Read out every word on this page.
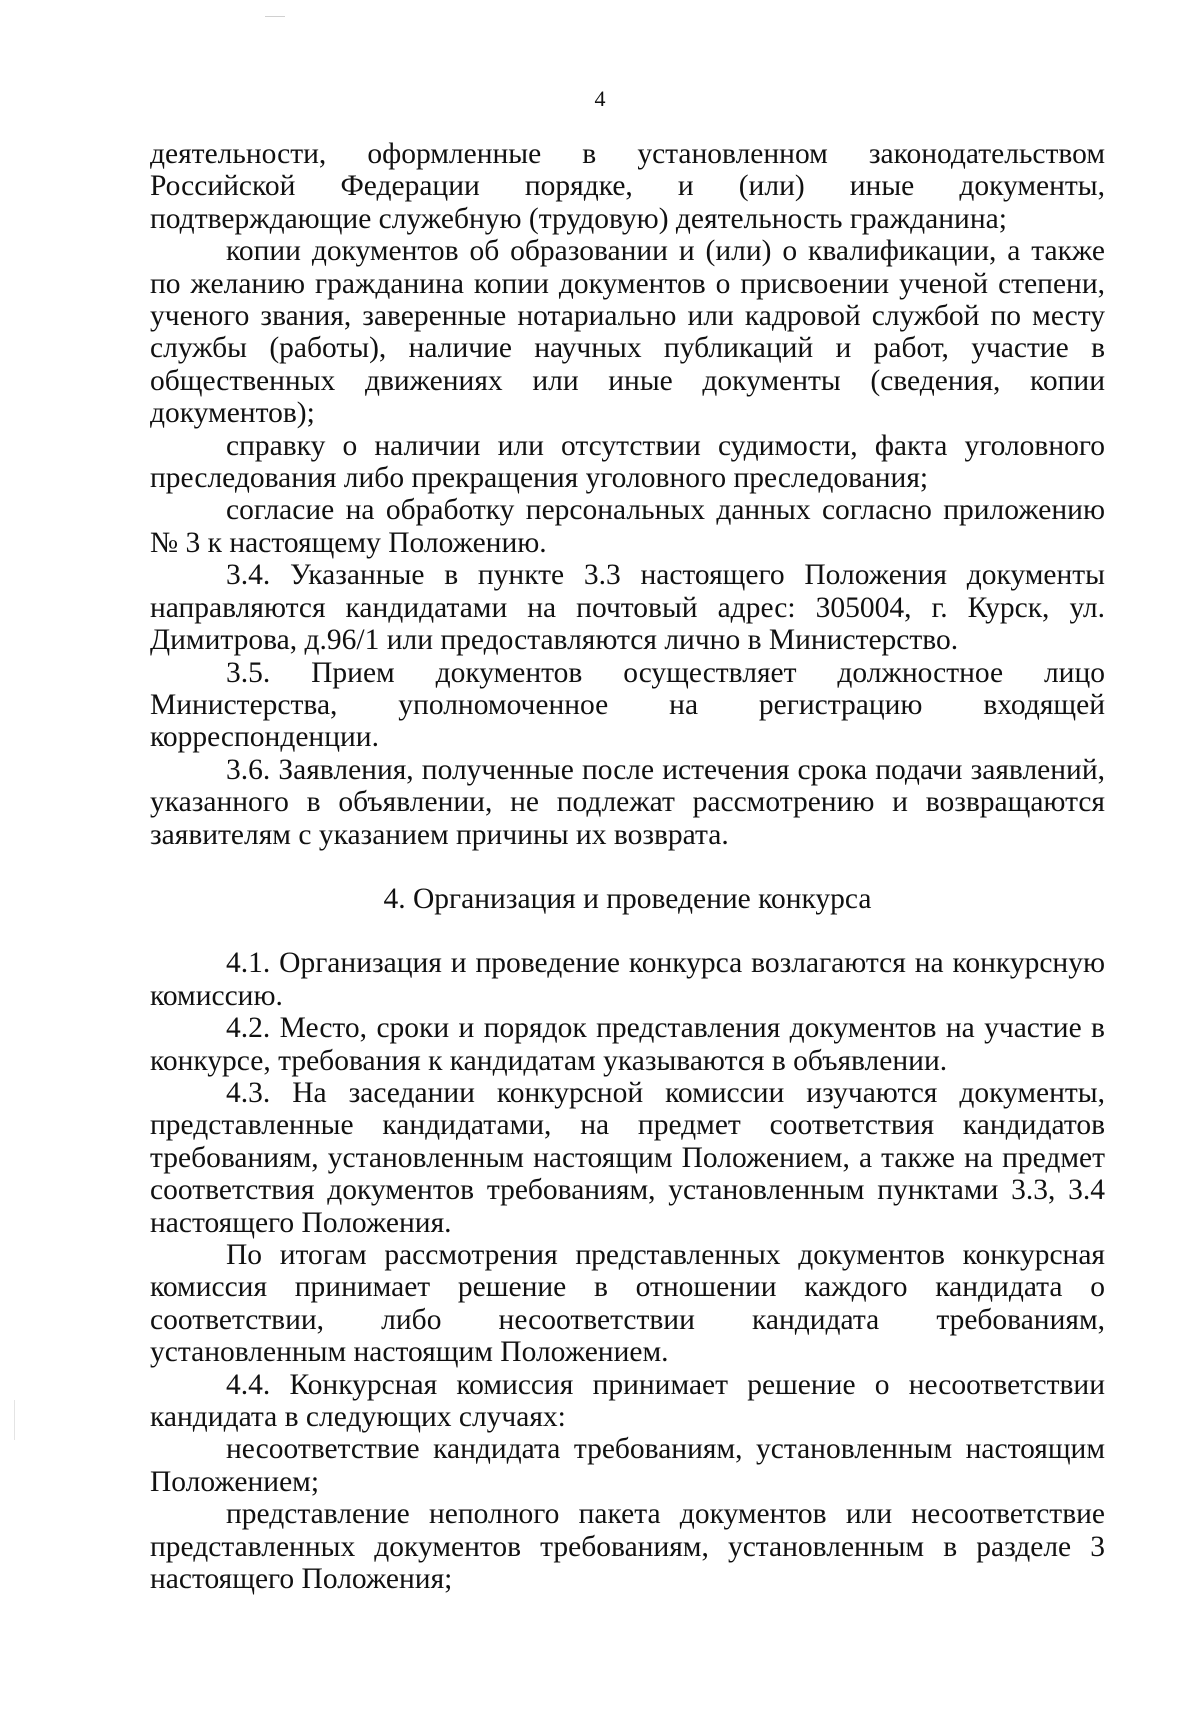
4

деятельности, оформленные в установленном законодательством Российской Федерации порядке, и (или) иные документы, подтверждающие служебную (трудовую) деятельность гражданина;

копии документов об образовании и (или) о квалификации, а также по желанию гражданина копии документов о присвоении ученой степени, ученого звания, заверенные нотариально или кадровой службой по месту службы (работы), наличие научных публикаций и работ, участие в общественных движениях или иные документы (сведения, копии документов);

справку о наличии или отсутствии судимости, факта уголовного преследования либо прекращения уголовного преследования;

согласие на обработку персональных данных согласно приложению № 3 к настоящему Положению.

3.4. Указанные в пункте 3.3 настоящего Положения документы направляются кандидатами на почтовый адрес: 305004, г. Курск, ул. Димитрова, д.96/1 или предоставляются лично в Министерство.

3.5. Прием документов осуществляет должностное лицо Министерства, уполномоченное на регистрацию входящей корреспонденции.

3.6. Заявления, полученные после истечения срока подачи заявлений, указанного в объявлении, не подлежат рассмотрению и возвращаются заявителям с указанием причины их возврата.

4. Организация и проведение конкурса

4.1. Организация и проведение конкурса возлагаются на конкурсную комиссию.

4.2. Место, сроки и порядок представления документов на участие в конкурсе, требования к кандидатам указываются в объявлении.

4.3. На заседании конкурсной комиссии изучаются документы, представленные кандидатами, на предмет соответствия кандидатов требованиям, установленным настоящим Положением, а также на предмет соответствия документов требованиям, установленным пунктами 3.3, 3.4 настоящего Положения.

По итогам рассмотрения представленных документов конкурсная комиссия принимает решение в отношении каждого кандидата о соответствии, либо несоответствии кандидата требованиям, установленным настоящим Положением.

4.4. Конкурсная комиссия принимает решение о несоответствии кандидата в следующих случаях:

несоответствие кандидата требованиям, установленным настоящим Положением;

представление неполного пакета документов или несоответствие представленных документов требованиям, установленным в разделе 3 настоящего Положения;
